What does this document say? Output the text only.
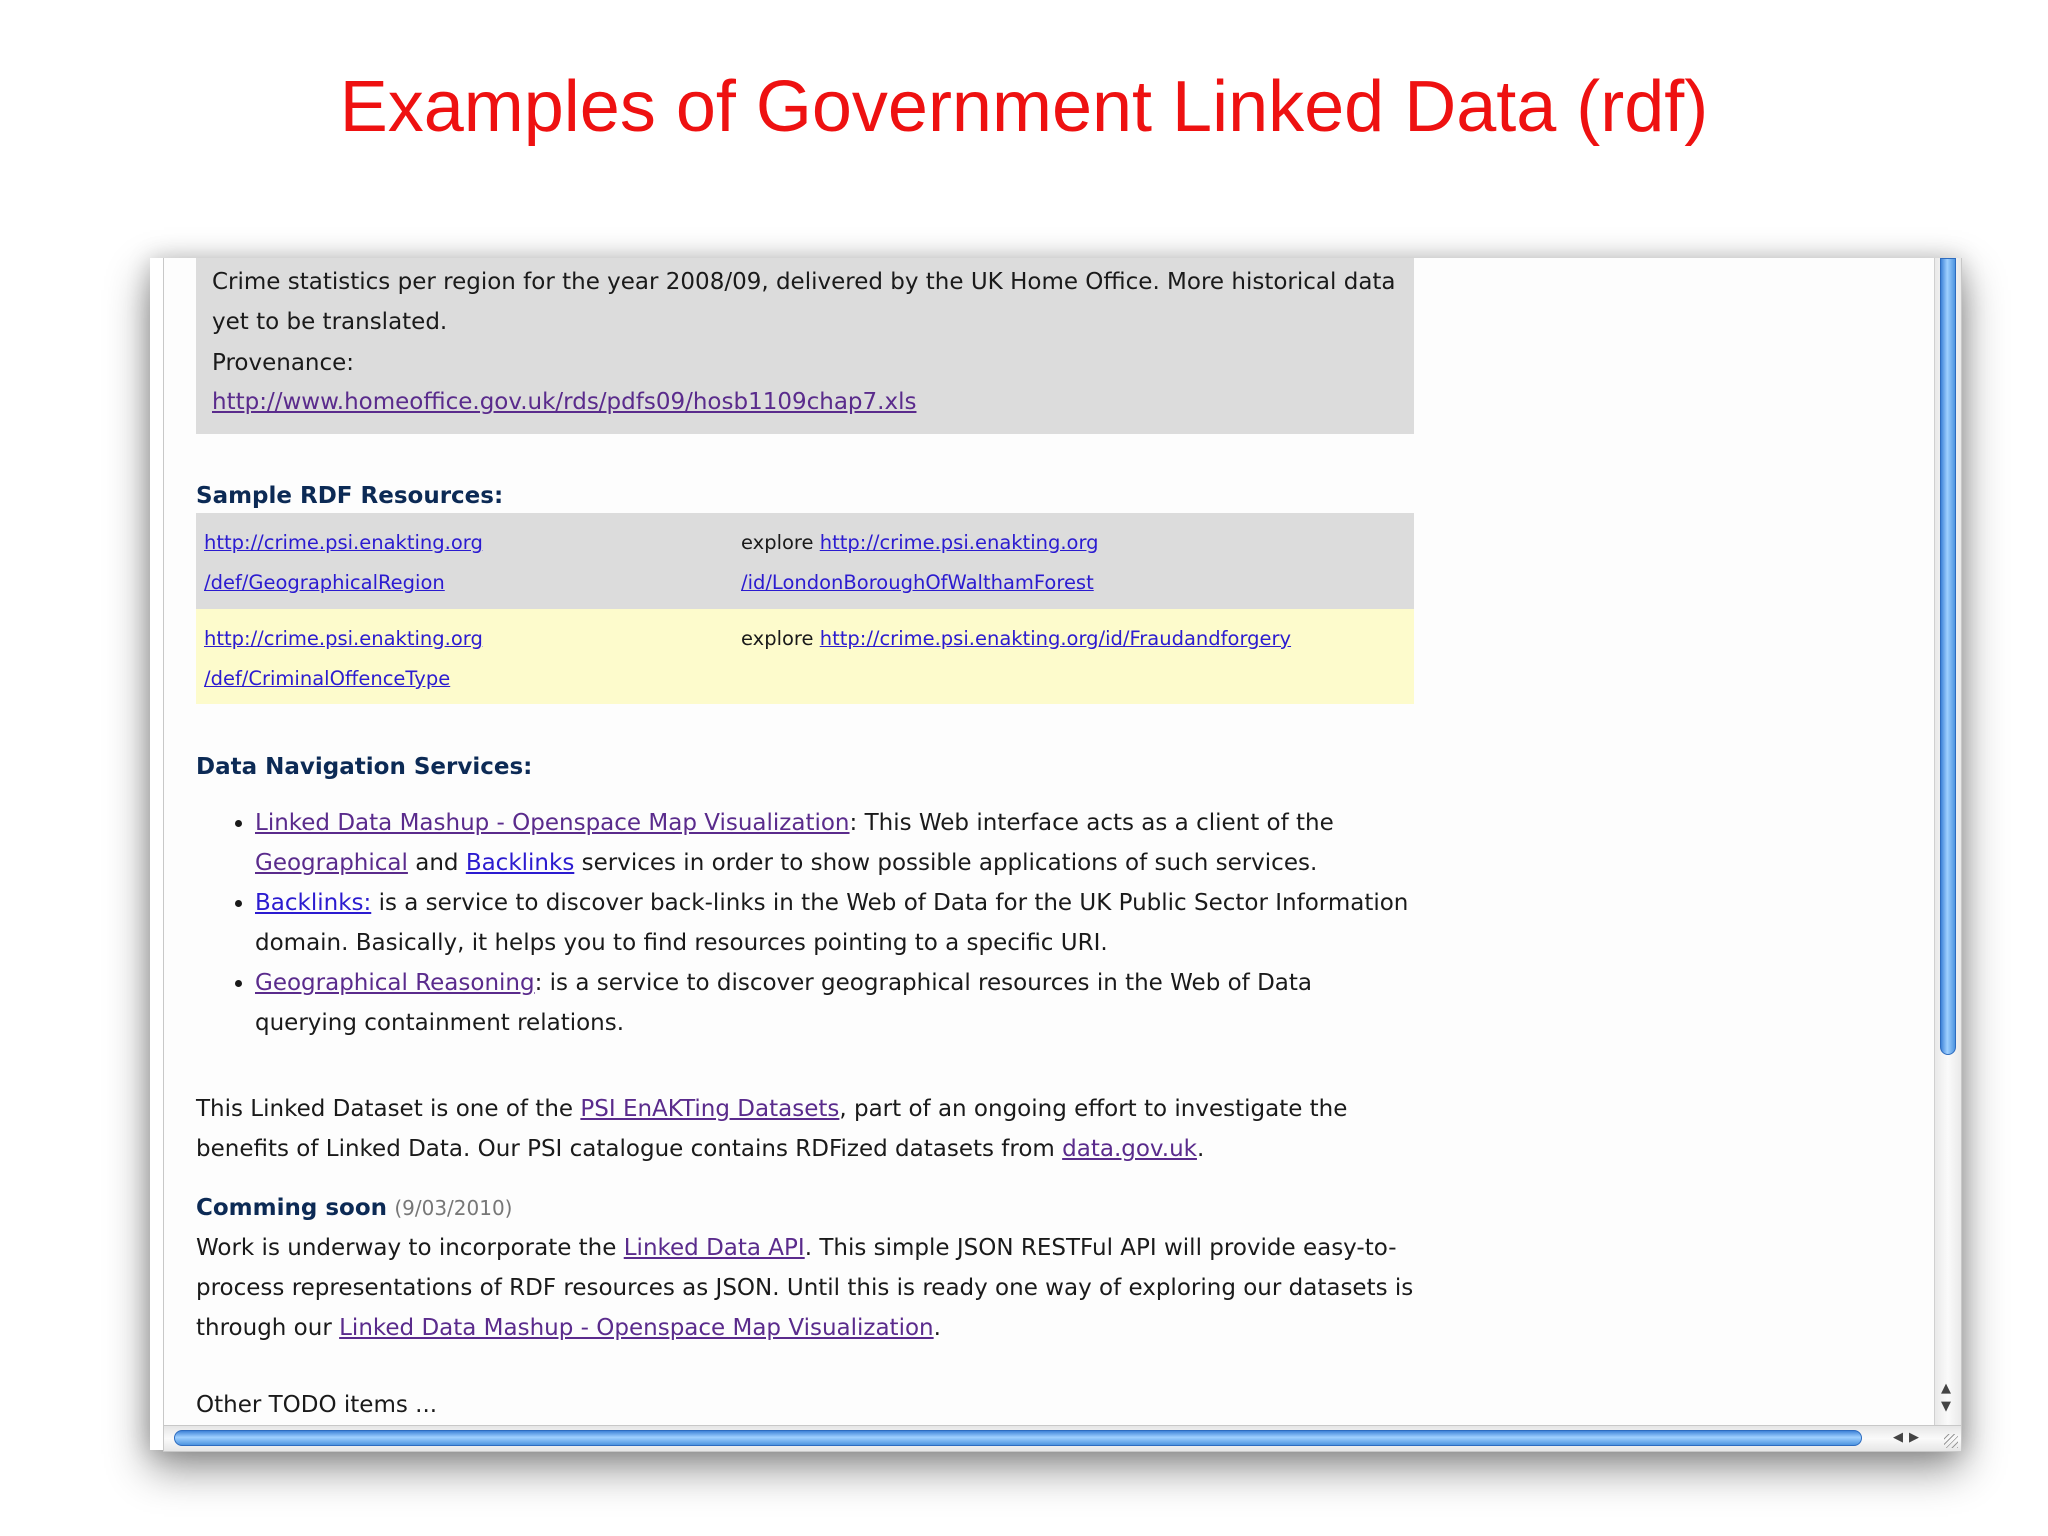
Examples of Government Linked Data (rdf)

Crime statistics per region for the year 2008/09, delivered by the UK Home Office. More historical data yet to be translated.

Provenance:

http://www.homeoffice.gov.uk/rds/pdfs09/hosb1109chap7.xls

Sample RDF Resources:
http://crime.psi.enakting.org
/def/GeographicalRegion
explore http://crime.psi.enakting.org
/id/LondonBoroughOfWalthamForest
http://crime.psi.enakting.org
/def/CriminalOffenceType
explore http://crime.psi.enakting.org/id/Fraudandforgery
Data Navigation Services:
• Linked Data Mashup - Openspace Map Visualization: This Web interface acts as a client of the
Geographical and Backlinks services in order to show possible applications of such services.
• Backlinks: is a service to discover back-links in the Web of Data for the UK Public Sector Information domain. Basically, it helps you to find resources pointing to a specific URI.
• Geographical Reasoning: is a service to discover geographical resources in the Web of Data querying containment relations.

This Linked Dataset is one of the PSI EnAKTing Datasets, part of an ongoing effort to investigate the benefits of Linked Data. Our PSI catalogue contains RDFized datasets from data.gov.uk.

Comming soon (9/03/2010)

Work is underway to incorporate the Linked Data API. This simple JSON RESTFul API will provide easy-to-process representations of RDF resources as JSON. Until this is ready one way of exploring our datasets is through our Linked Data Mashup - Openspace Map Visualization.

Other TODO items ...

▲
▼
◀▶
